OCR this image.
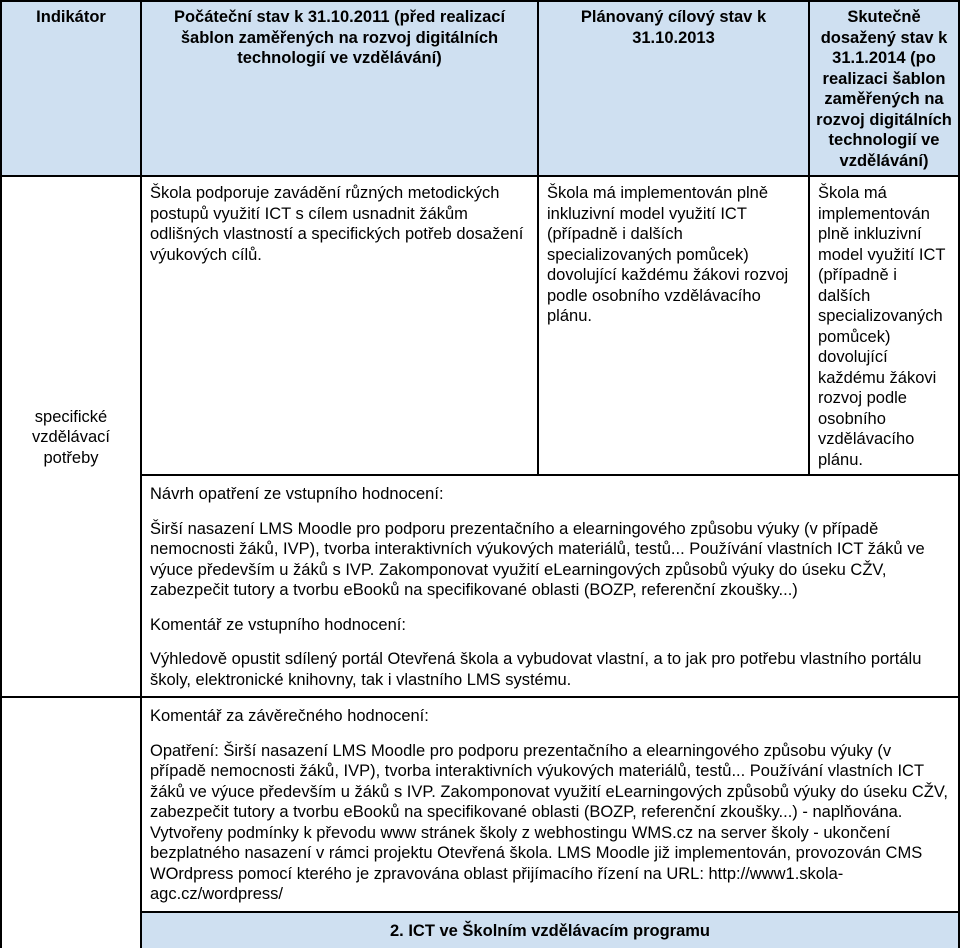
Indikátor	Počáteční stav k 31.10.2011 (před realizací šablon zaměřených na rozvoj digitálních technologií ve vzdělávání)	Plánovaný cílový stav k 31.10.2013	Skutečně dosažený stav k 31.1.2014 (po realizaci šablon zaměřených na rozvoj digitálních technologií ve vzdělávání)
specifické vzdělávací potřeby	Škola podporuje zavádění různých metodických postupů využití ICT s cílem usnadnit žákům odlišných vlastností a specifických potřeb dosažení výukových cílů.	Škola má implementován plně inkluzivní model využití ICT (případně i dalších specializovaných pomůcek) dovolující každému žákovi rozvoj podle osobního vzdělávacího plánu.	Škola má implementován plně inkluzivní model využití ICT (případně i dalších specializovaných pomůcek) dovolující každému žákovi rozvoj podle osobního vzdělávacího plánu.

	Návrh opatření ze vstupního hodnocení:

Širší nasazení LMS Moodle pro podporu prezentačního a elearningového způsobu výuky (v případě nemocnosti žáků, IVP), tvorba interaktivních výukových materiálů, testů... Používání vlastních ICT žáků ve výuce především u žáků s IVP. Zakomponovat využití eLearningových způsobů výuky do úseku CŽV, zabezpečit tutory a tvorbu eBooků na specifikované oblasti (BOZP, referenční zkoušky...)

Komentář ze vstupního hodnocení:

Výhledově opustit sdílený portál Otevřená škola a vybudovat vlastní, a to jak pro potřebu vlastního portálu školy, elektronické knihovny, tak i vlastního LMS systému.		

	Komentář za závěrečného hodnocení:

Opatření: Širší nasazení LMS Moodle pro podporu prezentačního a elearningového způsobu výuky (v případě nemocnosti žáků, IVP), tvorba interaktivních výukových materiálů, testů... Používání vlastních ICT žáků ve výuce především u žáků s IVP. Zakomponovat využití eLearningových způsobů výuky do úseku CŽV, zabezpečit tutory a tvorbu eBooků na specifikované oblasti (BOZP, referenční zkoušky...) - naplňována. Vytvořeny podmínky k převodu www stránek školy z webhostingu WMS.cz na server školy - ukončení bezplatného nasazení v rámci projektu Otevřená škola. LMS Moodle již implementován, provozován CMS WOrdpress pomocí kterého je zpravována oblast přijímacího řízení na URL: http://www1.skola-agc.cz/wordpress/		

	2. ICT ve Školním vzdělávacím programu		
